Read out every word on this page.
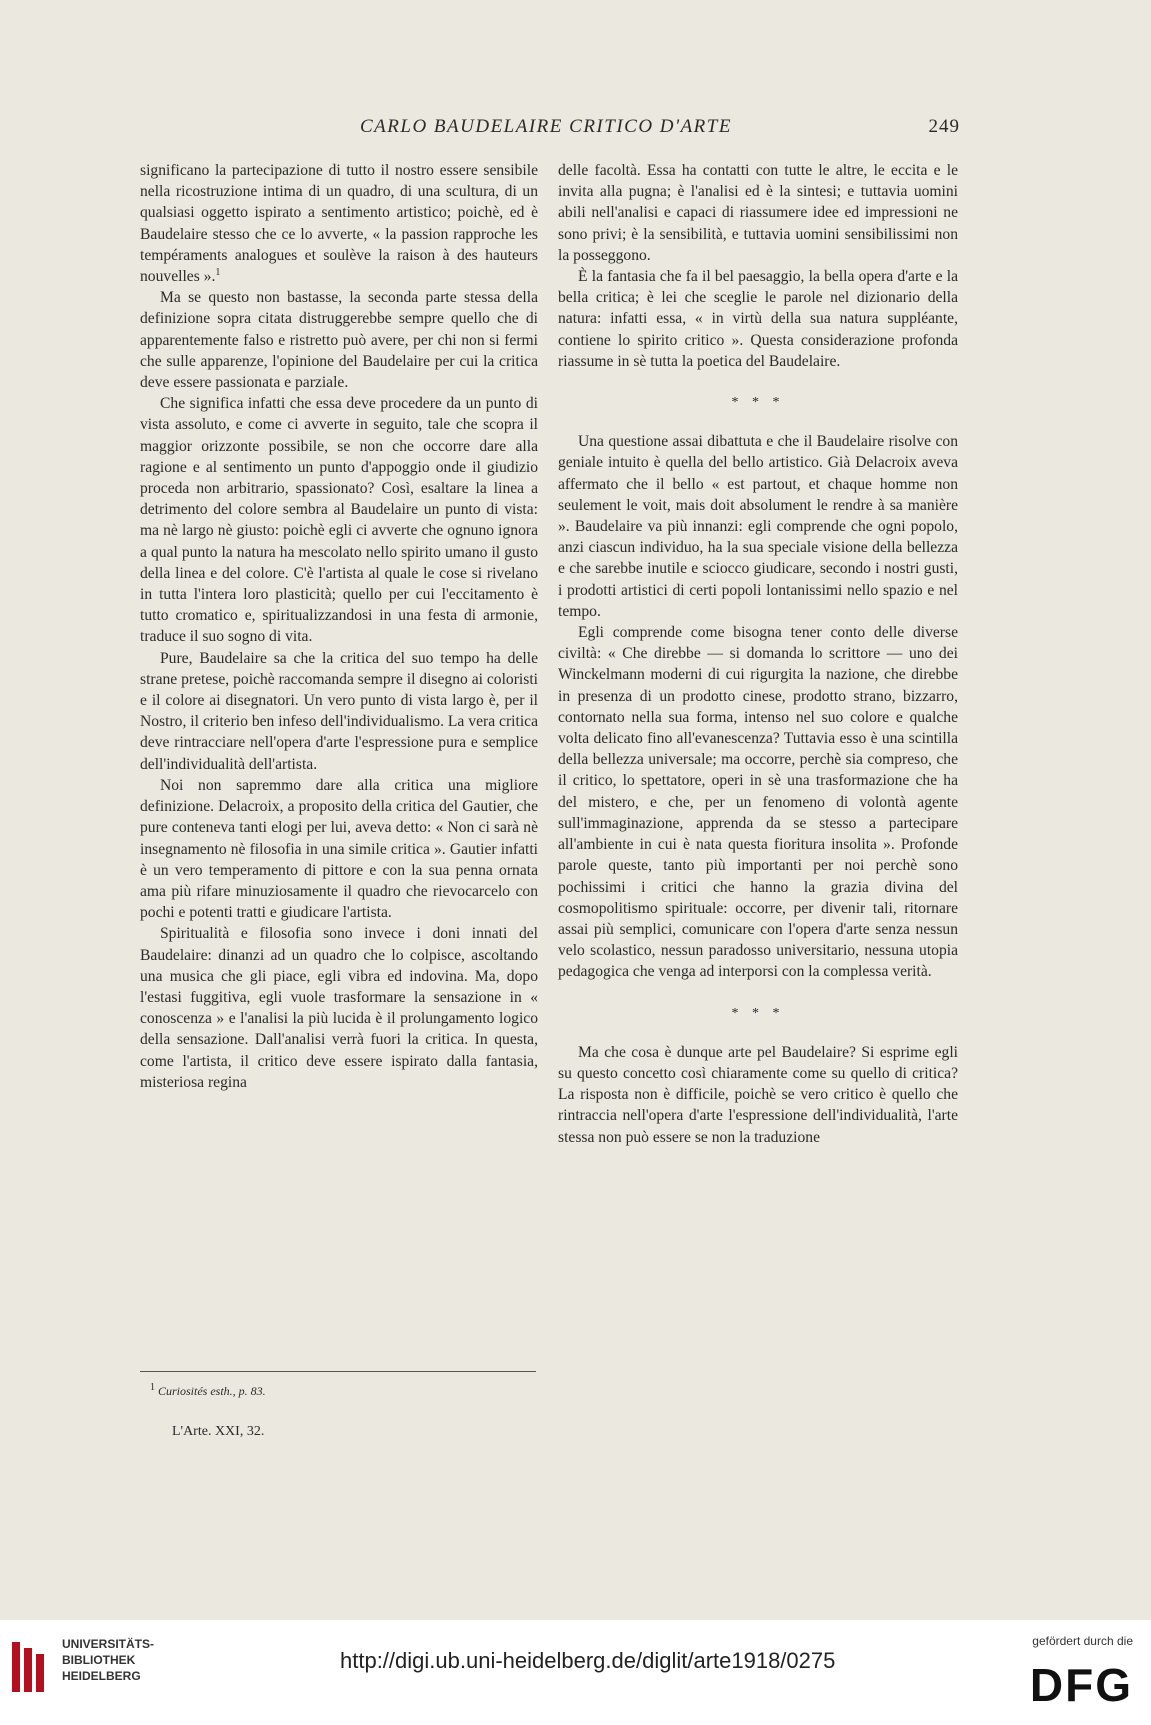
CARLO BAUDELAIRE CRITICO D'ARTE	249

significano la partecipazione di tutto il nostro essere sensibile nella ricostruzione intima di un quadro, di una scultura, di un qualsiasi oggetto ispirato a sentimento artistico; poichè, ed è Baudelaire stesso che ce lo avverte, « la passion rapproche les tempéraments analogues et soulève la raison à des hauteurs nouvelles ».$^1$

Ma se questo non bastasse, la seconda parte stessa della definizione sopra citata distruggerebbe sempre quello che di apparentemente falso e ristretto può avere, per chi non si fermi che sulle apparenze, l'opinione del Baudelaire per cui la critica deve essere passionata e parziale.

Che significa infatti che essa deve procedere da un punto di vista assoluto, e come ci avverte in seguito, tale che scopra il maggior orizzonte possibile, se non che occorre dare alla ragione e al sentimento un punto d'appoggio onde il giudizio proceda non arbitrario, spassionato? Così, esaltare la linea a detrimento del colore sembra al Baudelaire un punto di vista: ma nè largo nè giusto: poichè egli ci avverte che ognuno ignora a qual punto la natura ha mescolato nello spirito umano il gusto della linea e del colore. C'è l'artista al quale le cose si rivelano in tutta l'intera loro plasticità; quello per cui l'eccitamento è tutto cromatico e, spiritualizzandosi in una festa di armonie, traduce il suo sogno di vita.

Pure, Baudelaire sa che la critica del suo tempo ha delle strane pretese, poichè raccomanda sempre il disegno ai coloristi e il colore ai disegnatori. Un vero punto di vista largo è, per il Nostro, il criterio ben infeso dell'individualismo. La vera critica deve rintracciare nell'opera d'arte l'espressione pura e semplice dell'individualità dell'artista.

Noi non sapremmo dare alla critica una migliore definizione. Delacroix, a proposito della critica del Gautier, che pure conteneva tanti elogi per lui, aveva detto: « Non ci sarà nè insegnamento nè filosofia in una simile critica ». Gautier infatti è un vero temperamento di pittore e con la sua penna ornata ama più rifare minuziosamente il quadro che rievocarcelo con pochi e potenti tratti e giudicare l'artista.

Spiritualità e filosofia sono invece i doni innati del Baudelaire: dinanzi ad un quadro che lo colpisce, ascoltando una musica che gli piace, egli vibra ed indovina. Ma, dopo l'estasi fuggitiva, egli vuole trasformare la sensazione in « conoscenza » e l'analisi la più lucida è il prolungamento logico della sensazione. Dall'analisi verrà fuori la critica. In questa, come l'artista, il critico deve essere ispirato dalla fantasia, misteriosa regina

delle facoltà. Essa ha contatti con tutte le altre, le eccita e le invita alla pugna; è l'analisi ed è la sintesi; e tuttavia uomini abili nell'analisi e capaci di riassumere idee ed impressioni ne sono privi; è la sensibilità, e tuttavia uomini sensibilissimi non la posseggono.

È la fantasia che fa il bel paesaggio, la bella opera d'arte e la bella critica; è lei che sceglie le parole nel dizionario della natura: infatti essa, « in virtù della sua natura suppléante, contiene lo spirito critico ». Questa considerazione profonda riassume in sè tutta la poetica del Baudelaire.

* * *

Una questione assai dibattuta e che il Baudelaire risolve con geniale intuito è quella del bello artistico. Già Delacroix aveva affermato che il bello « est partout, et chaque homme non seulement le voit, mais doit absolument le rendre à sa manière ». Baudelaire va più innanzi: egli comprende che ogni popolo, anzi ciascun individuo, ha la sua speciale visione della bellezza e che sarebbe inutile e sciocco giudicare, secondo i nostri gusti, i prodotti artistici di certi popoli lontanissimi nello spazio e nel tempo.

Egli comprende come bisogna tener conto delle diverse civiltà: « Che direbbe — si domanda lo scrittore — uno dei Winckelmann moderni di cui rigurgita la nazione, che direbbe in presenza di un prodotto cinese, prodotto strano, bizzarro, contornato nella sua forma, intenso nel suo colore e qualche volta delicato fino all'evanescenza? Tuttavia esso è una scintilla della bellezza universale; ma occorre, perchè sia compreso, che il critico, lo spettatore, operi in sè una trasformazione che ha del mistero, e che, per un fenomeno di volontà agente sull'immaginazione, apprenda da se stesso a partecipare all'ambiente in cui è nata questa fioritura insolita ». Profonde parole queste, tanto più importanti per noi perchè sono pochissimi i critici che hanno la grazia divina del cosmopolitismo spirituale: occorre, per divenir tali, ritornare assai più semplici, comunicare con l'opera d'arte senza nessun velo scolastico, nessun paradosso universitario, nessuna utopia pedagogica che venga ad interporsi con la complessa verità.

* * *

Ma che cosa è dunque arte pel Baudelaire? Si esprime egli su questo concetto così chiaramente come su quello di critica? La risposta non è difficile, poichè se vero critico è quello che rintraccia nell'opera d'arte l'espressione dell'individualità, l'arte stessa non può essere se non la traduzione

$^1$ Curiosités esth., p. 83.
L'Arte. XXI, 32.
UNIVERSITÄTS-
BIBLIOTHEK
HEIDELBERG
http://digi.ub.uni-heidelberg.de/diglit/arte1918/0275
gefördert durch die
DFG
